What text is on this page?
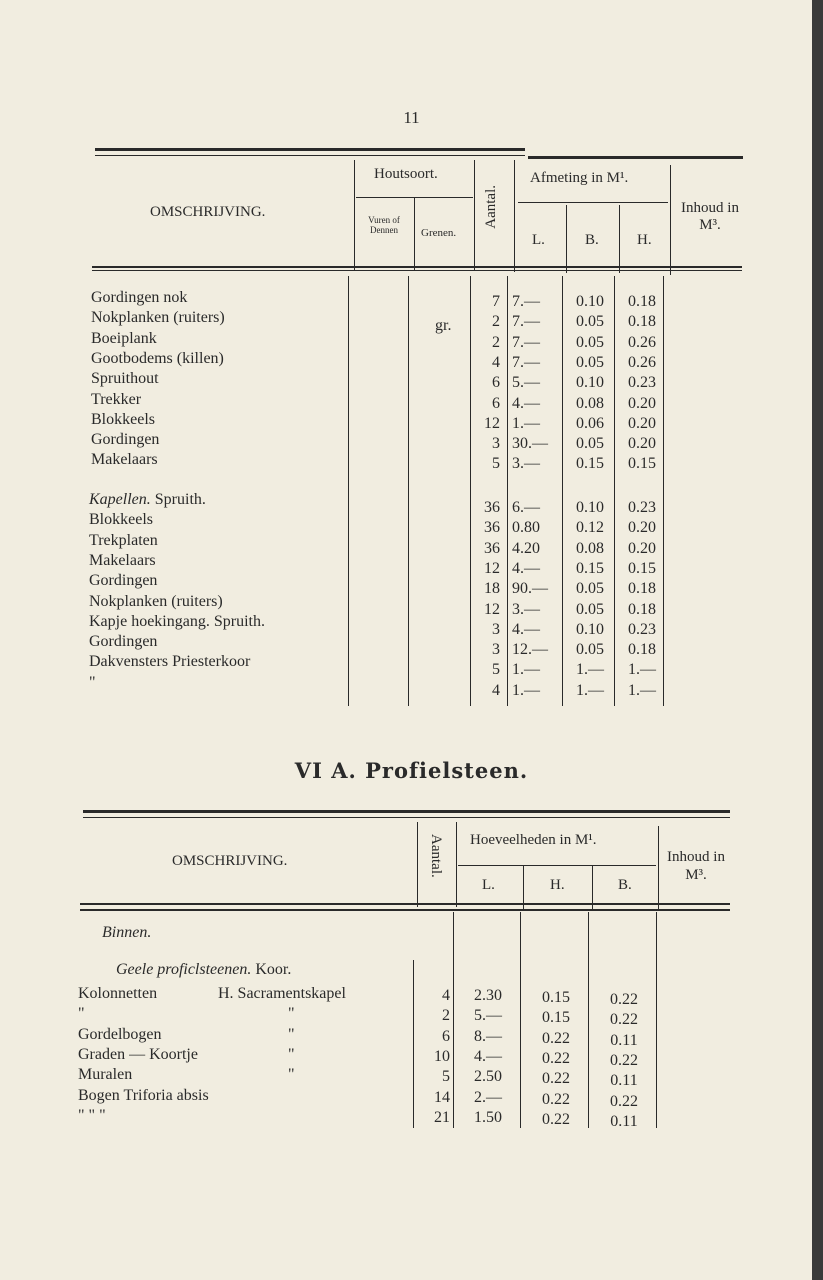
11
OMSCHRIJVING.
Houtsoort.
Vuren of Dennen	Grenen.
Aantal.
Afmeting in M¹.
L.	B.	H.
Inhoud in M³.
gr.
Gordingen nok	7 7.—	0.10	0.18
Nokplanken (ruiters)	2 7.—	0.05	0.18
Boeiplank	2 7.—	0.05	0.26
Gootbodems (killen)	4 7.—	0.05	0.26
Spruithout	6 5.—	0.10	0.23
Trekker	6 4.—	0.08	0.20
Blokkeels	12 1.—	0.06	0.20
Gordingen	3 30.—	0.05	0.20
Makelaars	5 3.—	0.15	0.15
Kapellen. Spruith.	36 6.—	0.10	0.23
Blokkeels	36 0.80	0.12	0.20
Trekplaten	36 4.20	0.08	0.20
Makelaars	12 4.—	0.15	0.15
Gordingen	18 90.—	0.05	0.18
Nokplanken (ruiters)	12 3.—	0.05	0.18
Kapje hoekingang. Spruith.	3 4.—	0.10	0.23
Gordingen	3 12.—	0.05	0.18
Dakvensters Priesterkoor	5 1.—	1.—	1.—
"	4 1.—	1.—	1.—
VI A. Profielsteen.
OMSCHRIJVING.	Aantal. Hoeveelheden in M¹.
L.	H.	B.
Inhoud in M³.
Binnen.
Geele proficlsteenen. Koor.
Kolonnetten	H. Sacramentskapel	4	2.30	0.15	0.22
"	"	2	5.—	0.15	0.22
Gordelbogen	"	6	8.—	0.22	0.11
Graden — Koortje	"	10	4.—	0.22	0.22
Muralen	"	5	2.50	0.22	0.11
Bogen Triforia absis	14	2.—	0.22	0.22
" " "	21	1.50	0.22	0.11
